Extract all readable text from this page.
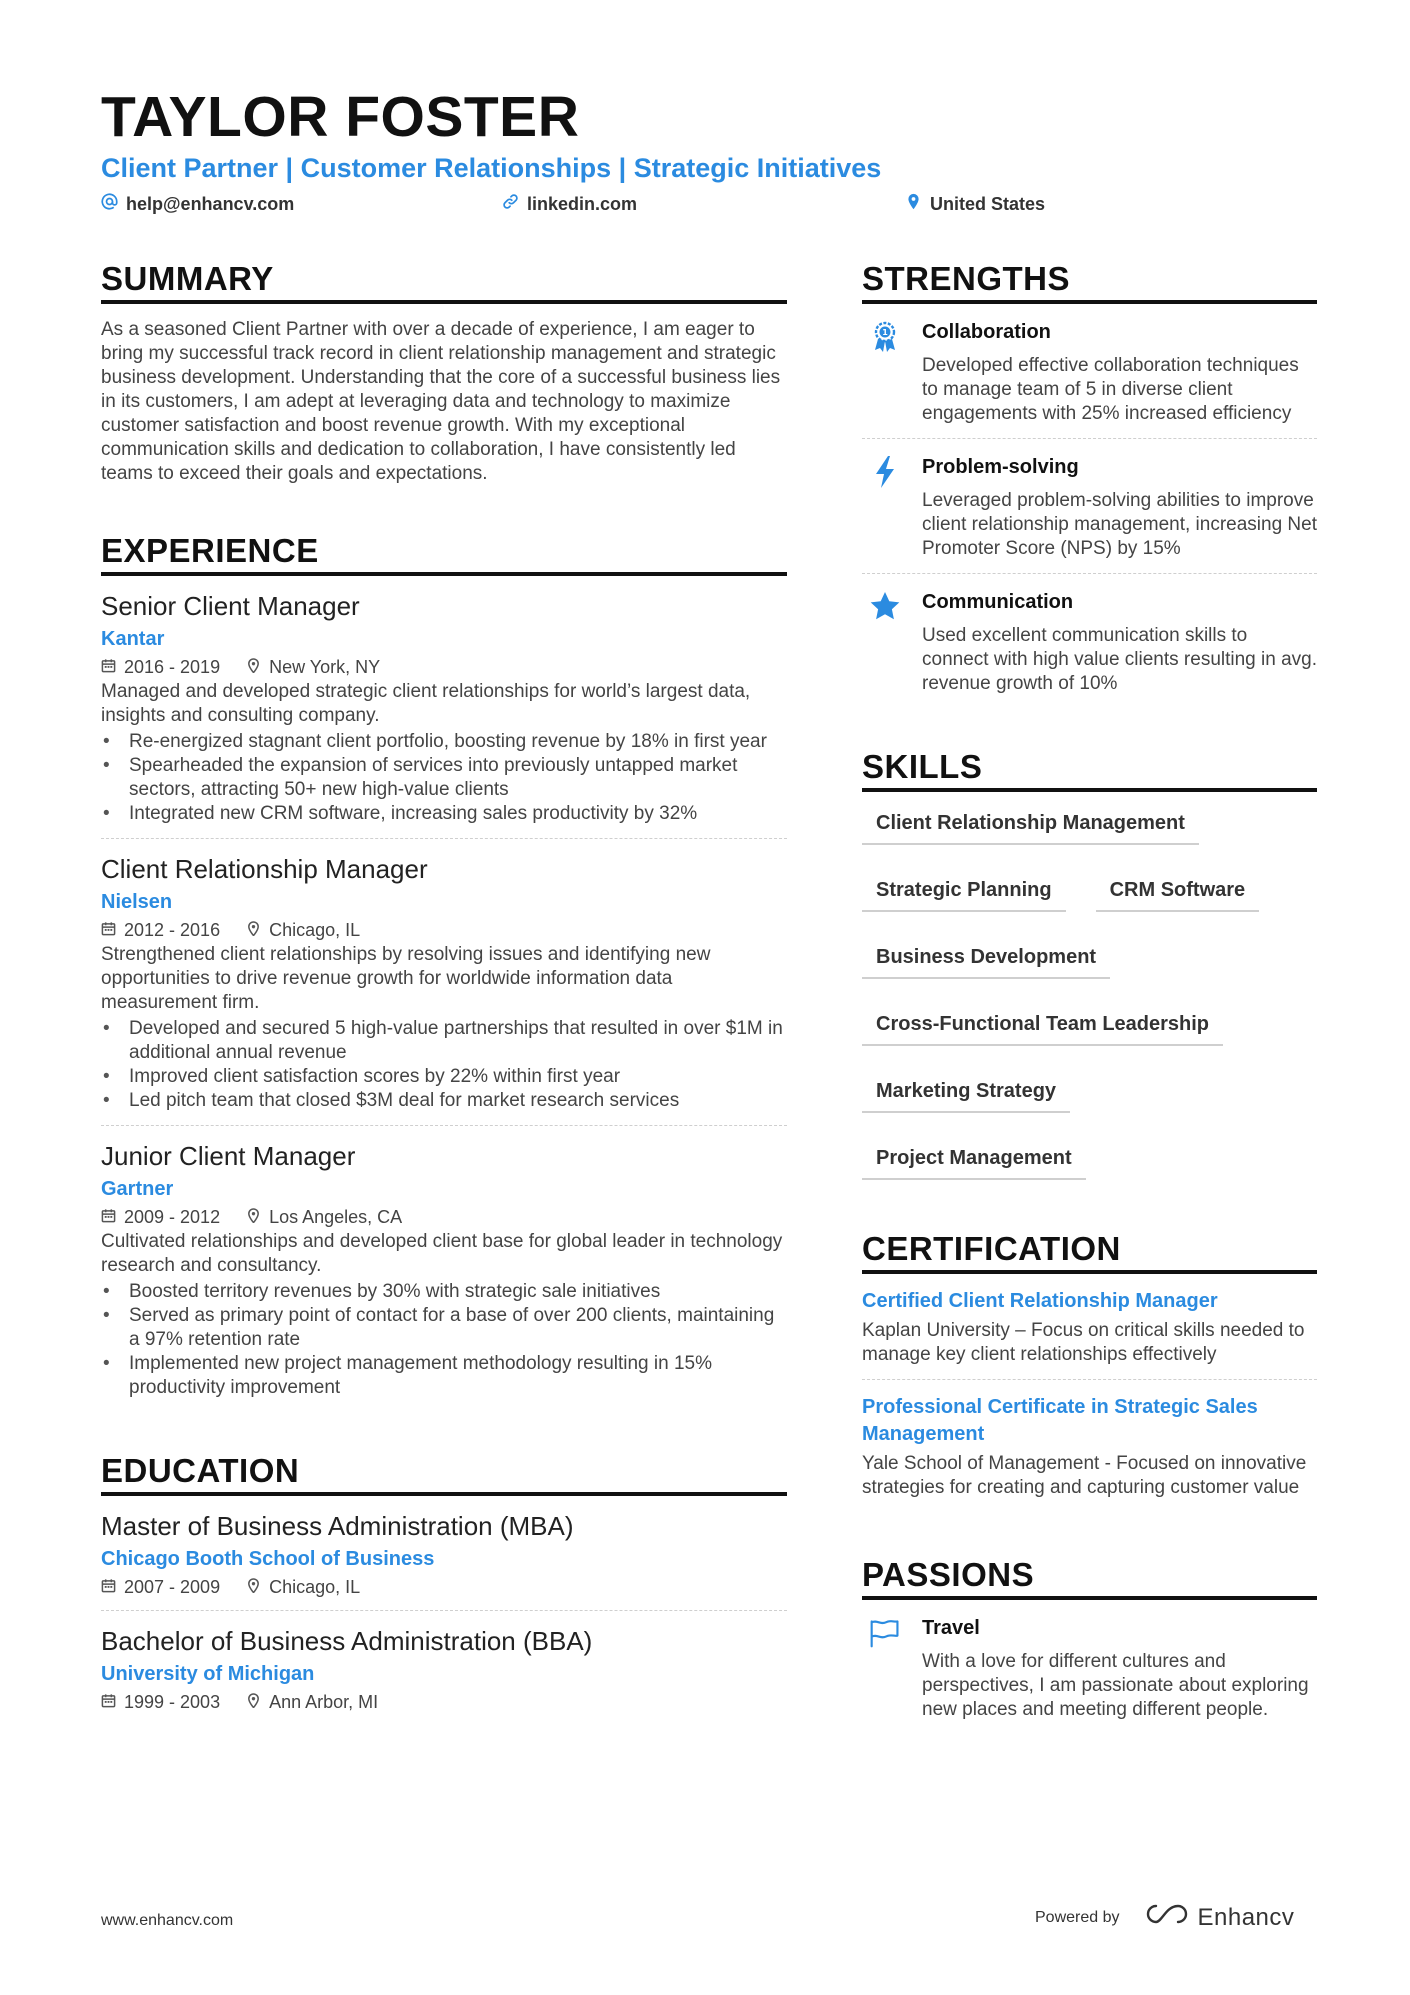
TAYLOR FOSTER
Client Partner | Customer Relationships | Strategic Initiatives
help@enhancv.com	linkedin.com	United States
SUMMARY
As a seasoned Client Partner with over a decade of experience, I am eager to bring my successful track record in client relationship management and strategic business development. Understanding that the core of a successful business lies in its customers, I am adept at leveraging data and technology to maximize customer satisfaction and boost revenue growth. With my exceptional communication skills and dedication to collaboration, I have consistently led teams to exceed their goals and expectations.
EXPERIENCE
Senior Client Manager
Kantar
2016 - 2019	New York, NY
Managed and developed strategic client relationships for world’s largest data, insights and consulting company.
• Re-energized stagnant client portfolio, boosting revenue by 18% in first year
• Spearheaded the expansion of services into previously untapped market sectors, attracting 50+ new high-value clients
• Integrated new CRM software, increasing sales productivity by 32%
Client Relationship Manager
Nielsen
2012 - 2016	Chicago, IL
Strengthened client relationships by resolving issues and identifying new opportunities to drive revenue growth for worldwide information data measurement firm.
• Developed and secured 5 high-value partnerships that resulted in over $1M in additional annual revenue
• Improved client satisfaction scores by 22% within first year
• Led pitch team that closed $3M deal for market research services
Junior Client Manager
Gartner
2009 - 2012	Los Angeles, CA
Cultivated relationships and developed client base for global leader in technology research and consultancy.
• Boosted territory revenues by 30% with strategic sale initiatives
• Served as primary point of contact for a base of over 200 clients, maintaining a 97% retention rate
• Implemented new project management methodology resulting in 15% productivity improvement
EDUCATION
Master of Business Administration (MBA)
Chicago Booth School of Business
2007 - 2009	Chicago, IL
Bachelor of Business Administration (BBA)
University of Michigan
1999 - 2003	Ann Arbor, MI
STRENGTHS
1 Collaboration
Developed effective collaboration techniques to manage team of 5 in diverse client engagements with 25% increased efficiency
Problem-solving
Leveraged problem-solving abilities to improve client relationship management, increasing Net Promoter Score (NPS) by 15%
Communication
Used excellent communication skills to connect with high value clients resulting in avg. revenue growth of 10%
SKILLS
Client Relationship Management
Strategic Planning	CRM Software
Business Development
Cross-Functional Team Leadership
Marketing Strategy
Project Management
CERTIFICATION
Certified Client Relationship Manager
Kaplan University – Focus on critical skills needed to manage key client relationships effectively
Professional Certificate in Strategic Sales Management
Yale School of Management - Focused on innovative strategies for creating and capturing customer value
PASSIONS
Travel
With a love for different cultures and perspectives, I am passionate about exploring new places and meeting different people.
www.enhancv.com	Powered by	Enhancv
